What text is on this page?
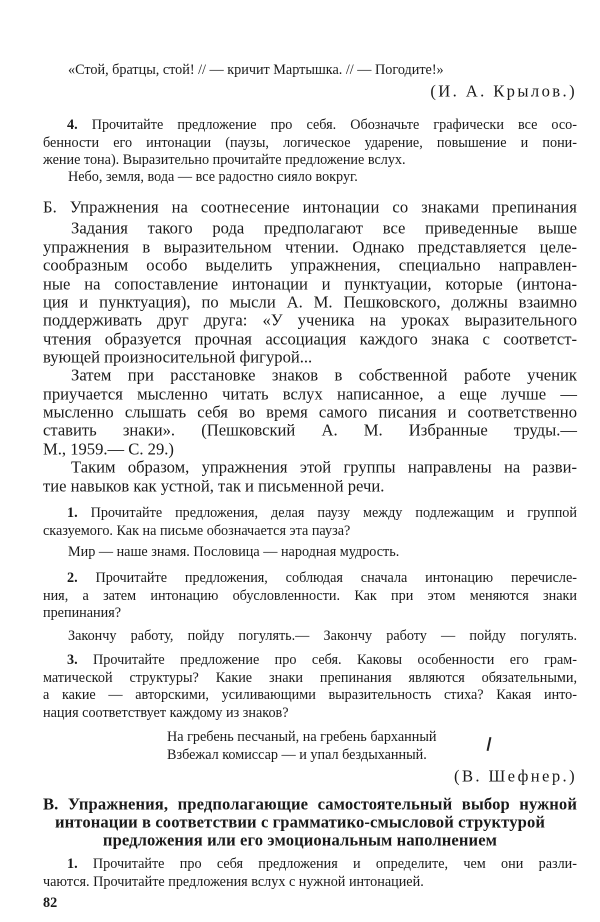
«Стой, братцы, стой! // — кричит Мартышка. // — Погодите!»
(И. А. Крылов.)
4. Прочитайте предложение про себя. Обозначьте графически все осо-
бенности его интонации (паузы, логическое ударение, повышение и пони-
жение тона). Выразительно прочитайте предложение вслух.
Небо, земля, вода — все радостно сияло вокруг.
Б. Упражнения на соотнесение интонации со знаками препинания
Задания такого рода предполагают все приведенные выше
упражнения в выразительном чтении. Однако представляется целе-
сообразным особо выделить упражнения, специально направлен-
ные на сопоставление интонации и пунктуации, которые (интона-
ция и пунктуация), по мысли А. М. Пешковского, должны взаимно
поддерживать друг друга: «У ученика на уроках выразительного
чтения образуется прочная ассоциация каждого знака с соответст-
вующей произносительной фигурой...
Затем при расстановке знаков в собственной работе ученик
приучается мысленно читать вслух написанное, а еще лучше —
мысленно слышать себя во время самого писания и соответственно
ставить знаки». (Пешковский А. М. Избранные труды.—
М., 1959.— С. 29.)
Таким образом, упражнения этой группы направлены на разви-
тие навыков как устной, так и письменной речи.
1. Прочитайте предложения, делая паузу между подлежащим и группой
сказуемого. Как на письме обозначается эта пауза?
Мир — наше знамя. Пословица — народная мудрость.
2. Прочитайте предложения, соблюдая сначала интонацию перечисле-
ния, а затем интонацию обусловленности. Как при этом меняются знаки
препинания?
Закончу работу, пойду погулять.— Закончу работу — пойду погулять.
3. Прочитайте предложение про себя. Каковы особенности его грам-
матической структуры? Какие знаки препинания являются обязательными,
а какие — авторскими, усиливающими выразительность стиха? Какая инто-
нация соответствует каждому из знаков?
На гребень песчаный, на гребень барханный
Взбежал комиссар — и упал бездыханный.
(В. Шефнер.)
В. Упражнения, предполагающие самостоятельный выбор нужной
интонации в соответствии с грамматико-смысловой структурой
предложения или его эмоциональным наполнением
1. Прочитайте про себя предложения и определите, чем они разли-
чаются. Прочитайте предложения вслух с нужной интонацией.
82
